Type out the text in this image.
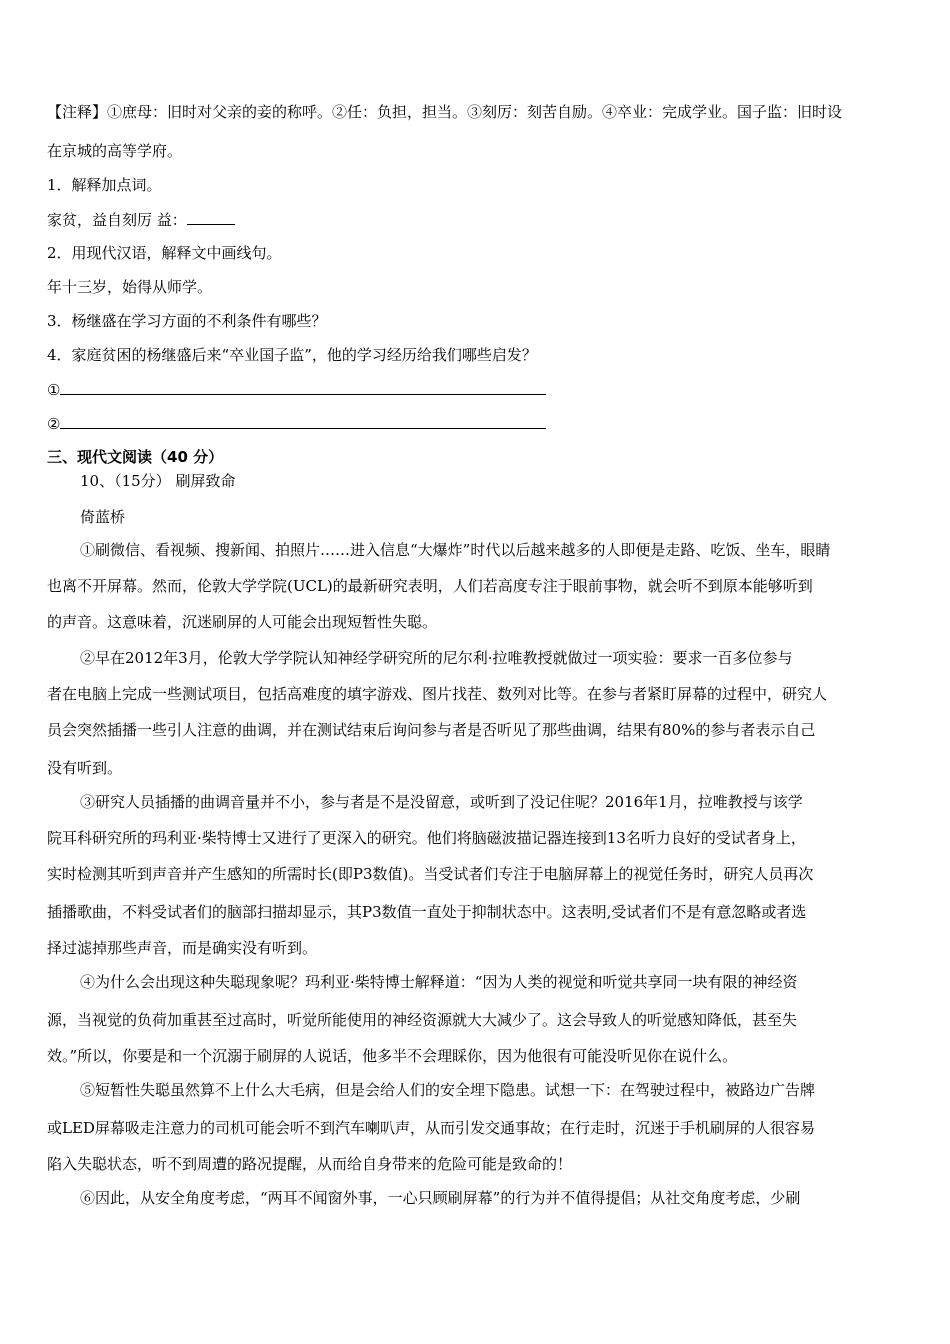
【注释】①庶母：旧时对父亲的妾的称呼。②任：负担，担当。③刻厉：刻苦自励。④卒业：完成学业。国子监：旧时设
在京城的高等学府。
1．解释加点词。
家贫，益自刻厉 益：
2．用现代汉语，解释文中画线句。
年十三岁，始得从师学。
3．杨继盛在学习方面的不利条件有哪些？
4．家庭贫困的杨继盛后来“卒业国子监”，他的学习经历给我们哪些启发？
①
②
三、现代文阅读（40 分）
10、（15分） 刷屏致命
倚蓝桥
①刷微信、看视频、搜新闻、拍照片……进入信息“大爆炸”时代以后越来越多的人即便是走路、吃饭、坐车，眼睛
也离不开屏幕。然而，伦敦大学学院(UCL)的最新研究表明，人们若高度专注于眼前事物，就会听不到原本能够听到
的声音。这意味着，沉迷刷屏的人可能会出现短暂性失聪。
②早在2012年3月，伦敦大学学院认知神经学研究所的尼尔利·拉唯教授就做过一项实验：要求一百多位参与
者在电脑上完成一些测试项目，包括高难度的填字游戏、图片找茬、数列对比等。在参与者紧盯屏幕的过程中，研究人
员会突然插播一些引人注意的曲调，并在测试结束后询问参与者是否听见了那些曲调，结果有80%的参与者表示自己
没有听到。
③研究人员插播的曲调音量并不小，参与者是不是没留意，或听到了没记住呢？2016年1月，拉唯教授与该学
院耳科研究所的玛利亚·柴特博士又进行了更深入的研究。他们将脑磁波描记器连接到13名听力良好的受试者身上，
实时检测其听到声音并产生感知的所需时长(即P3数值)。当受试者们专注于电脑屏幕上的视觉任务时，研究人员再次
插播歌曲，不料受试者们的脑部扫描却显示，其P3数值一直处于抑制状态中。这表明,受试者们不是有意忽略或者选
择过滤掉那些声音，而是确实没有听到。
④为什么会出现这种失聪现象呢？玛利亚·柴特博士解释道：“因为人类的视觉和听觉共享同一块有限的神经资
源，当视觉的负荷加重甚至过高时，听觉所能使用的神经资源就大大减少了。这会导致人的听觉感知降低，甚至失
效。”所以，你要是和一个沉溺于刷屏的人说话，他多半不会理睬你，因为他很有可能没听见你在说什么。
⑤短暂性失聪虽然算不上什么大毛病，但是会给人们的安全埋下隐患。试想一下：在驾驶过程中，被路边广告牌
或LED屏幕吸走注意力的司机可能会听不到汽车喇叭声，从而引发交通事故；在行走时，沉迷于手机刷屏的人很容易
陷入失聪状态，听不到周遭的路况提醒，从而给自身带来的危险可能是致命的！
⑥因此，从安全角度考虑，“两耳不闻窗外事，一心只顾刷屏幕”的行为并不值得提倡；从社交角度考虑，少刷
